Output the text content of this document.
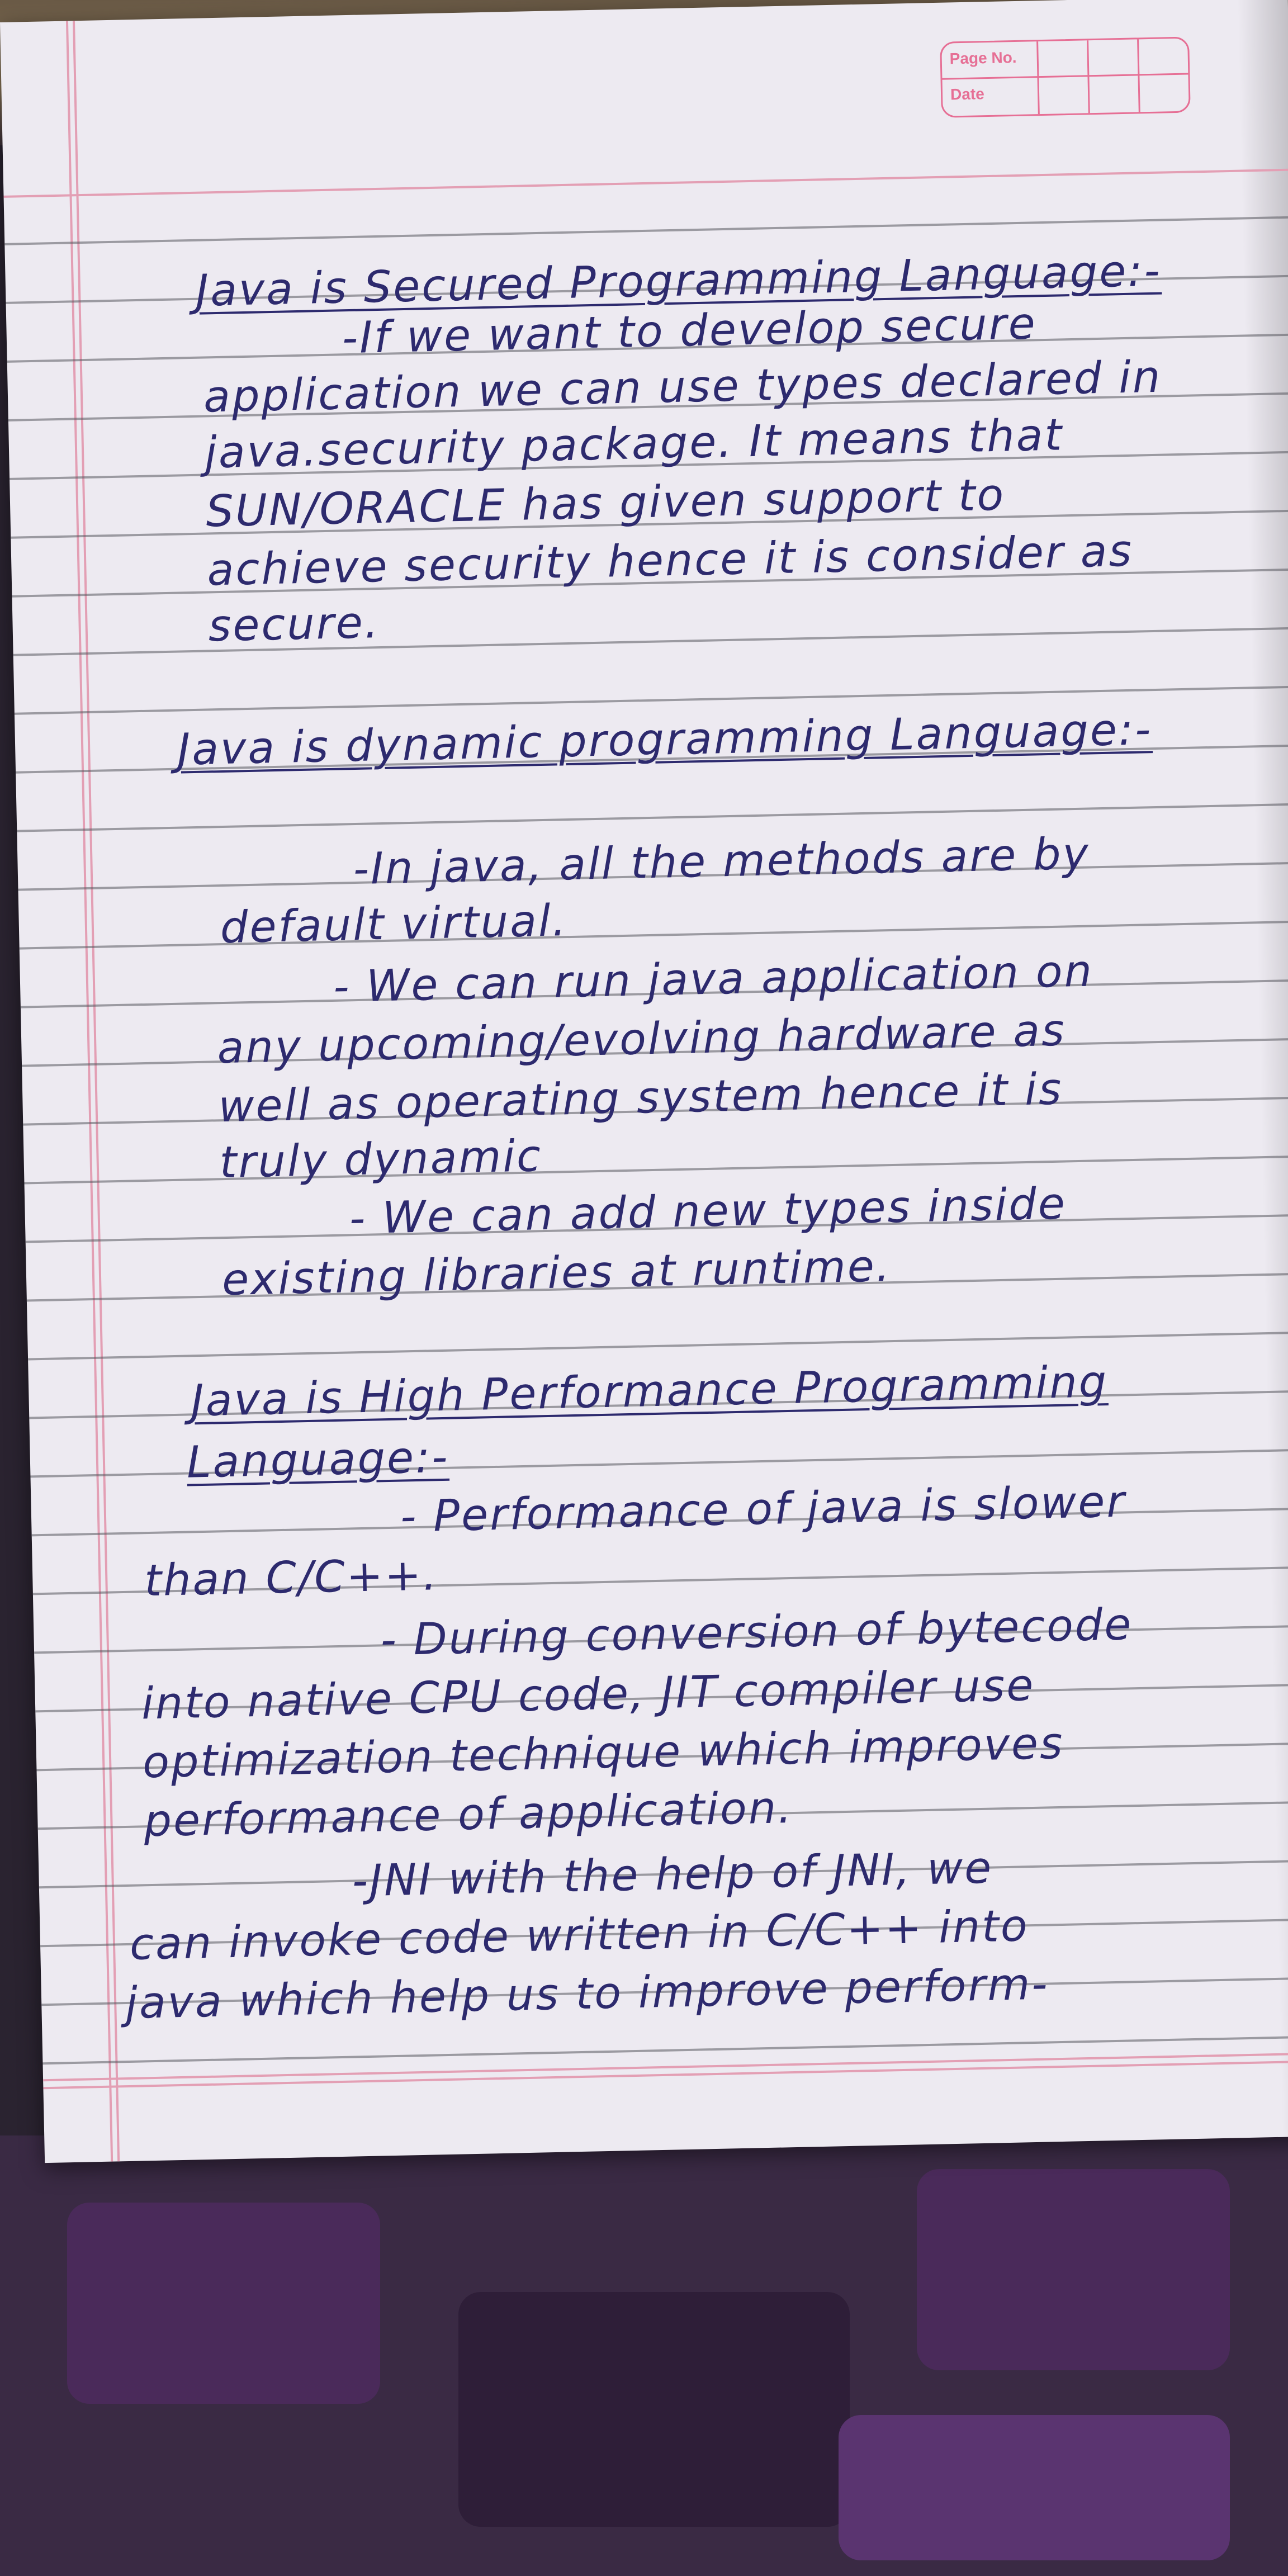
Page No.
Date

Java is Secured Programming Language:-

-If we want to develop secure

application we can use types declared in

java.security package. It means that

SUN/ORACLE has given support to

achieve security hence it is consider as

secure.

Java is dynamic programming Language:-

-In java, all the methods are by

default virtual.

- We can run java application on

any upcoming/evolving hardware as

well as operating system hence it is

truly dynamic

- We can add new types inside

existing libraries at runtime.

Java is High Performance Programming

Language:-

- Performance of java is slower

than C/C++.

- During conversion of bytecode

into native CPU code, JIT compiler use

optimization technique which improves

performance of application.

-JNI with the help of JNI, we

can invoke code written in C/C++ into

java which help us to improve perform-
